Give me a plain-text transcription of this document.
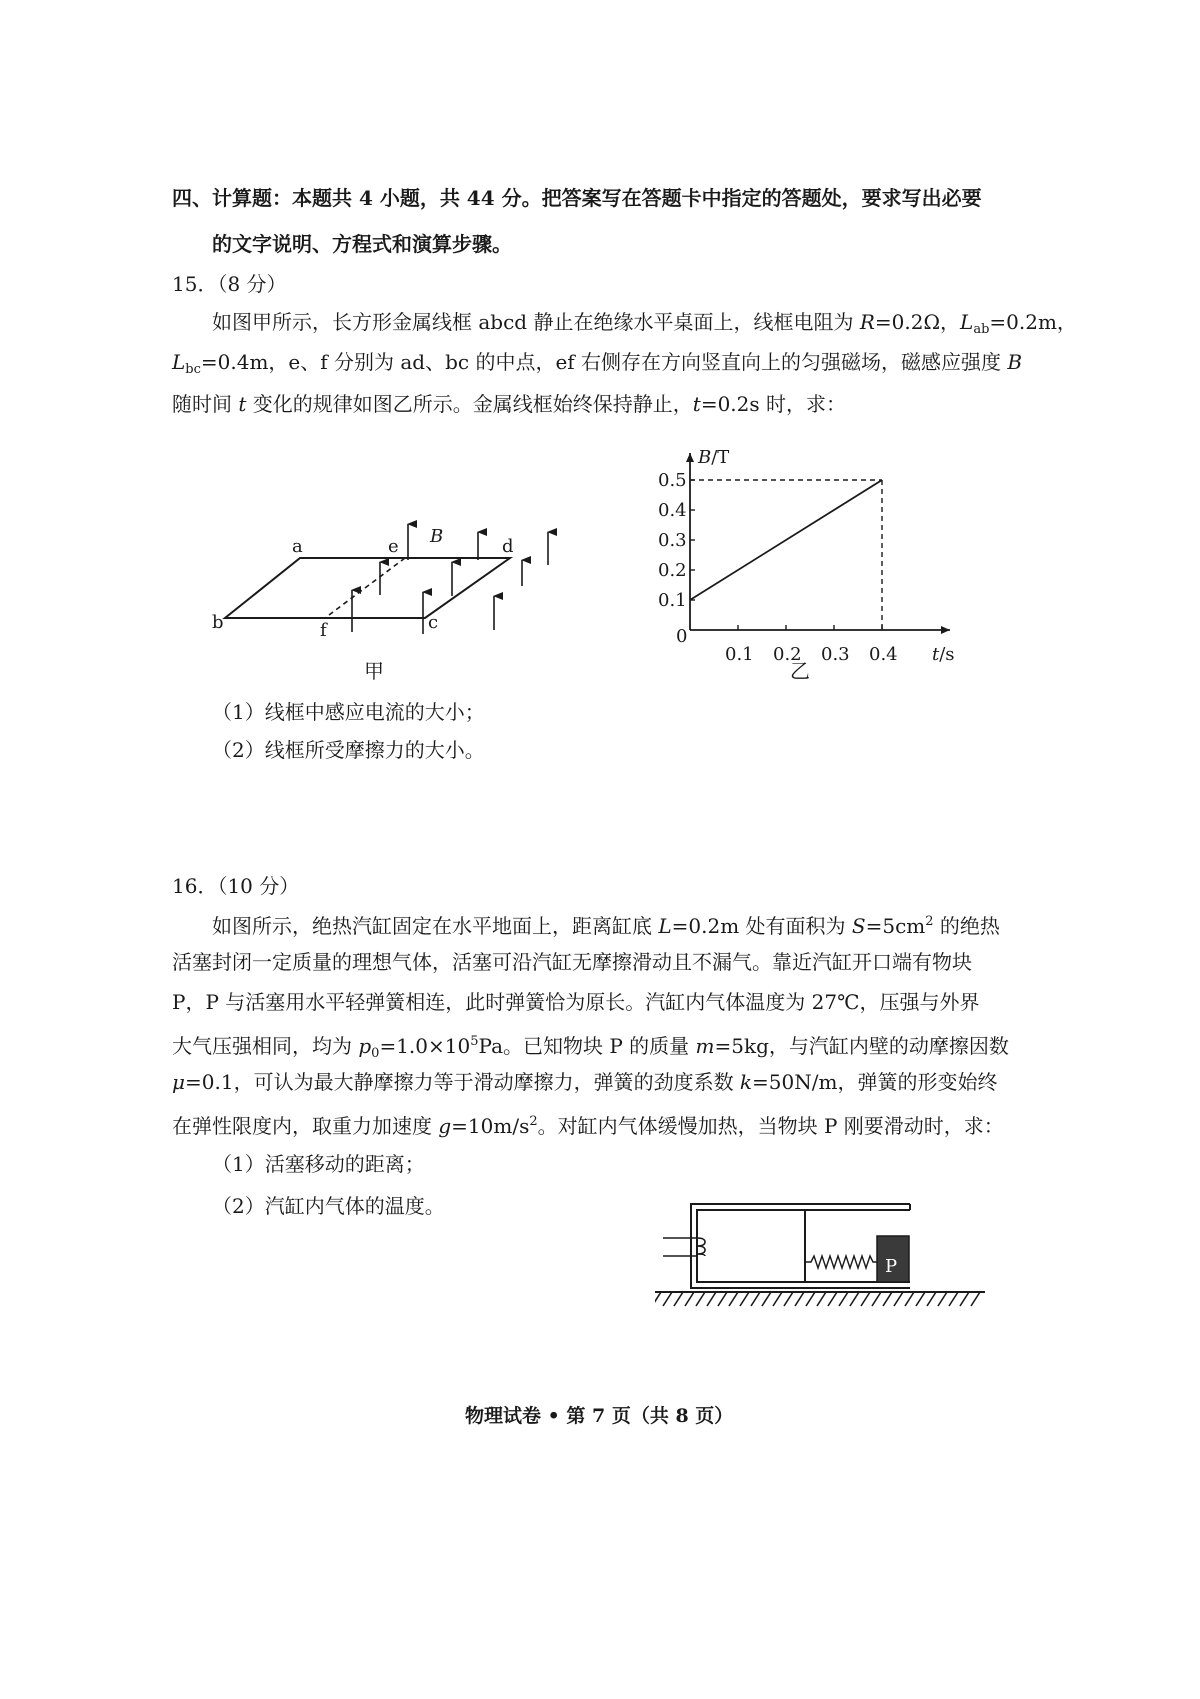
四、计算题：本题共 4 小题，共 44 分。把答案写在答题卡中指定的答题处，要求写出必要
的文字说明、方程式和演算步骤。
15．（8 分）
如图甲所示，长方形金属线框 abcd 静止在绝缘水平桌面上，线框电阻为 R=0.2Ω，$L_{ab}=0.2m$，
$L_{bc}=0.4m$，e、f 分别为 ad、bc 的中点，ef 右侧存在方向竖直向上的匀强磁场，磁感应强度 B
随时间 t 变化的规律如图乙所示。金属线框始终保持静止，t=0.2s 时，求：
a	e B	d
b	f	c
甲
B/T
t/s
0
0.1 0.2 0.3 0.4
0.1
0.2
0.3
0.4
0.5
乙
（1）线框中感应电流的大小；
（2）线框所受摩擦力的大小。
16．（10 分）
如图所示，绝热汽缸固定在水平地面上，距离缸底 L=0.2m 处有面积为 $S=5cm^2$ 的绝热
活塞封闭一定质量的理想气体，活塞可沿汽缸无摩擦滑动且不漏气。靠近汽缸开口端有物块
P，P 与活塞用水平轻弹簧相连，此时弹簧恰为原长。汽缸内气体温度为 27℃，压强与外界
大气压强相同，均为 $p_0=1.0\times 10^5Pa$。已知物块 P 的质量 m=5kg，与汽缸内壁的动摩擦因数
μ=0.1，可认为最大静摩擦力等于滑动摩擦力，弹簧的劲度系数 k=50N/m，弹簧的形变始终
在弹性限度内，取重力加速度 $g=10m/s^2$。对缸内气体缓慢加热，当物块 P 刚要滑动时，求：
（1）活塞移动的距离；
（2）汽缸内气体的温度。
P
物理试卷 • 第 7 页（共 8 页）
